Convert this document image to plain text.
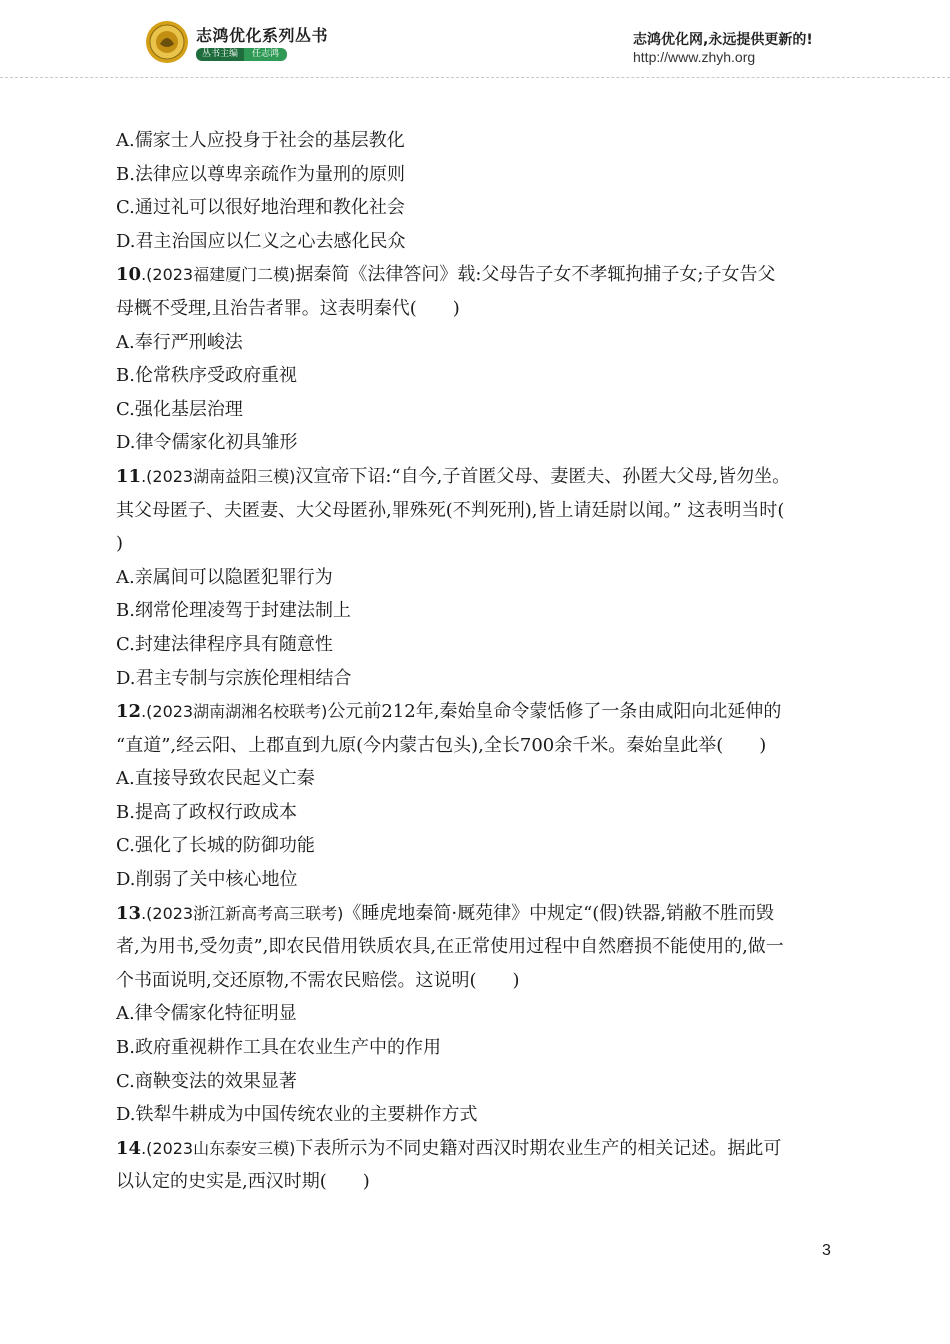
志鸿优化系列丛书
丛书主编	任志鸿
志鸿优化网,永远提供更新的!
http://www.zhyh.org
A.儒家士人应投身于社会的基层教化
B.法律应以尊卑亲疏作为量刑的原则
C.通过礼可以很好地治理和教化社会
D.君主治国应以仁义之心去感化民众
10.(2023福建厦门二模)据秦简《法律答问》载:父母告子女不孝辄拘捕子女;子女告父
母概不受理,且治告者罪。这表明秦代(　　)
A.奉行严刑峻法
B.伦常秩序受政府重视
C.强化基层治理
D.律令儒家化初具雏形
11.(2023湖南益阳三模)汉宣帝下诏:“自今,子首匿父母、妻匿夫、孙匿大父母,皆勿坐。
其父母匿子、夫匿妻、大父母匿孙,罪殊死(不判死刑),皆上请廷尉以闻。” 这表明当时(
)
A.亲属间可以隐匿犯罪行为
B.纲常伦理凌驾于封建法制上
C.封建法律程序具有随意性
D.君主专制与宗族伦理相结合
12.(2023湖南湖湘名校联考)公元前212年,秦始皇命令蒙恬修了一条由咸阳向北延伸的
“直道”,经云阳、上郡直到九原(今内蒙古包头),全长700余千米。秦始皇此举(　　)
A.直接导致农民起义亡秦
B.提高了政权行政成本
C.强化了长城的防御功能
D.削弱了关中核心地位
13.(2023浙江新高考高三联考)《睡虎地秦简·厩苑律》中规定“(假)铁器,销敝不胜而毁
者,为用书,受勿责”,即农民借用铁质农具,在正常使用过程中自然磨损不能使用的,做一
个书面说明,交还原物,不需农民赔偿。这说明(　　)
A.律令儒家化特征明显
B.政府重视耕作工具在农业生产中的作用
C.商鞅变法的效果显著
D.铁犁牛耕成为中国传统农业的主要耕作方式
14.(2023山东泰安三模)下表所示为不同史籍对西汉时期农业生产的相关记述。据此可
以认定的史实是,西汉时期(　　)
3
